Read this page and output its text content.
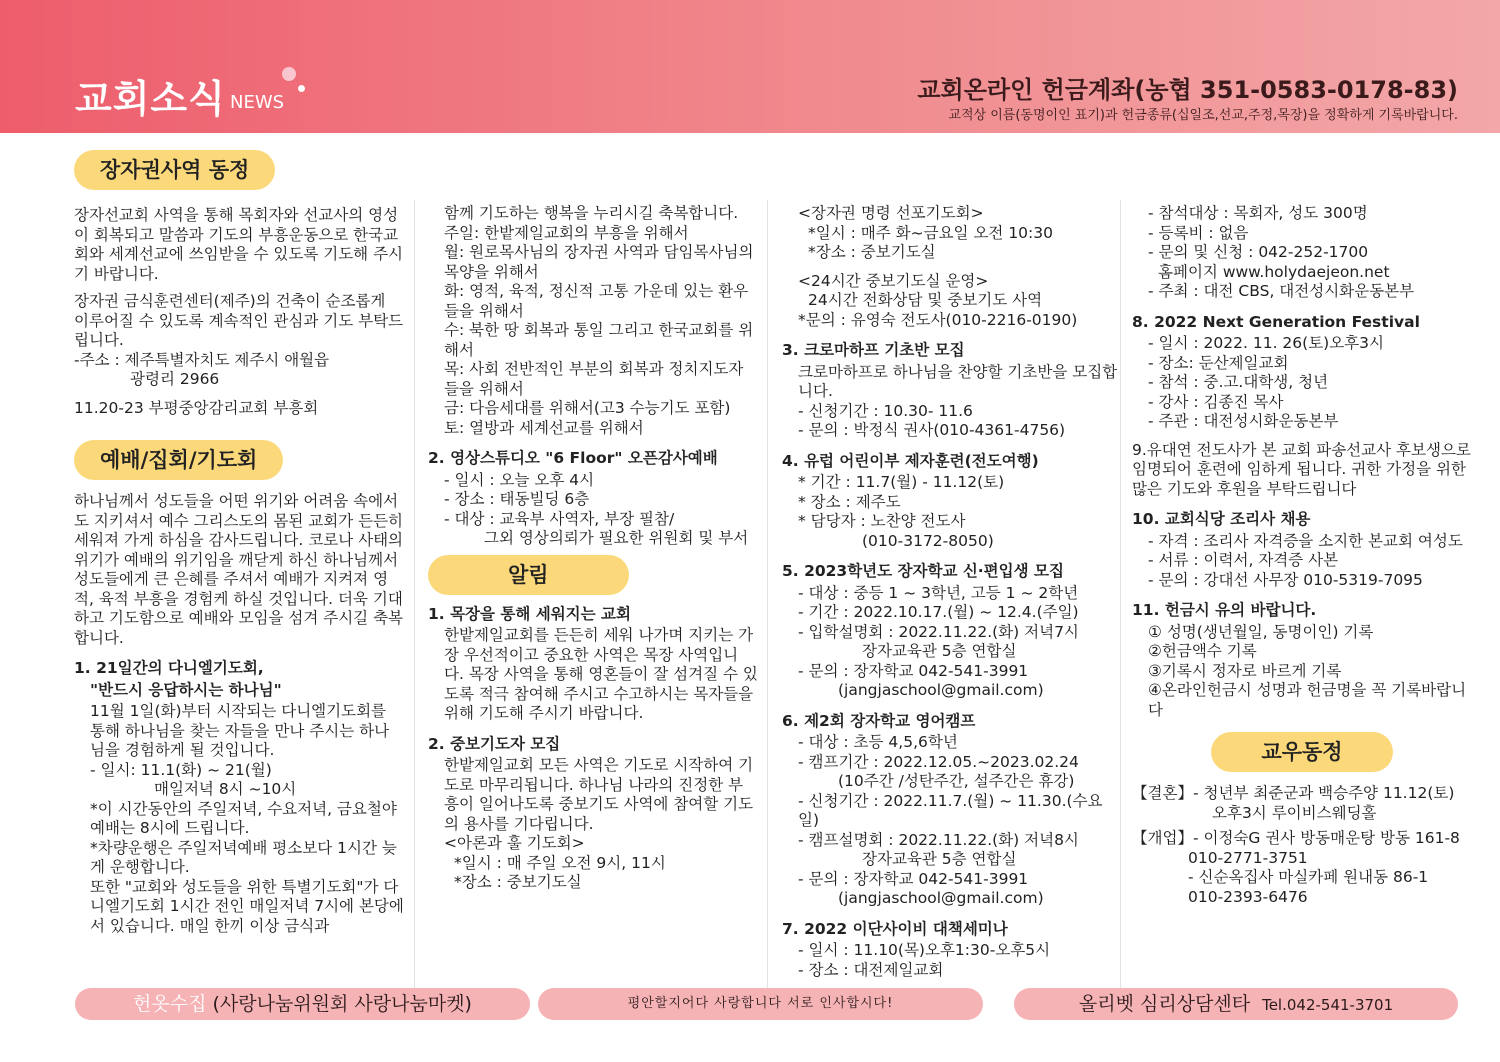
교회소식 NEWS	교회온라인 헌금계좌(농협 351-0583-0178-83)
교적상 이름(동명이인 표기)과 헌금종류(십일조,선교,주정,목장)을 정확하게 기록바랍니다.
장자권사역 동정

장자선교회 사역을 통해 목회자와 선교사의 영성이 회복되고 말씀과 기도의 부흥운동으로 한국교회와 세계선교에 쓰임받을 수 있도록 기도해 주시기 바랍니다.

장자권 금식훈련센터(제주)의 건축이 순조롭게 이루어질 수 있도록 계속적인 관심과 기도 부탁드립니다.

-주소 : 제주특별자치도 제주시 애월읍

광령리 2966

11.20-23 부평중앙감리교회 부흥회

예배/집회/기도회

하나님께서 성도들을 어떤 위기와 어려움 속에서도 지키셔서 예수 그리스도의 몸된 교회가 든든히 세워져 가게 하심을 감사드립니다. 코로나 사태의 위기가 예배의 위기임을 깨닫게 하신 하나님께서 성도들에게 큰 은혜를 주셔서 예배가 지켜져 영적, 육적 부흥을 경험케 하실 것입니다. 더욱 기대하고 기도함으로 예배와 모임을 섬겨 주시길 축복합니다.

1. 21일간의 다니엘기도회,

"반드시 응답하시는 하나님"

11월 1일(화)부터 시작되는 다니엘기도회를 통해 하나님을 찾는 자들을 만나 주시는 하나님을 경험하게 될 것입니다.

- 일시: 11.1(화) ~ 21(월)

매일저녁 8시 ~10시

*이 시간동안의 주일저녁, 수요저녁, 금요철야예배는 8시에 드립니다.

*차량운행은 주일저녁예배 평소보다 1시간 늦게 운행합니다.

또한 "교회와 성도들을 위한 특별기도회"가 다니엘기도회 1시간 전인 매일저녁 7시에 본당에서 있습니다. 매일 한끼 이상 금식과

함께 기도하는 행복을 누리시길 축복합니다.

주일: 한밭제일교회의 부흥을 위해서

월: 원로목사님의 장자권 사역과 담임목사님의 목양을 위해서

화: 영적, 육적, 정신적 고통 가운데 있는 환우들을 위해서

수: 북한 땅 회복과 통일 그리고 한국교회를 위해서

목: 사회 전반적인 부분의 회복과 정치지도자들을 위해서

금: 다음세대를 위해서(고3 수능기도 포함)

토: 열방과 세계선교를 위해서

2. 영상스튜디오 "6 Floor" 오픈감사예배

- 일시 : 오늘 오후 4시

- 장소 : 태동빌딩 6층

- 대상 : 교육부 사역자, 부장 필참/

그외 영상의뢰가 필요한 위원회 및 부서

알림

1. 목장을 통해 세워지는 교회

한밭제일교회를 든든히 세워 나가며 지키는 가장 우선적이고 중요한 사역은 목장 사역입니다. 목장 사역을 통해 영혼들이 잘 섬겨질 수 있도록 적극 참여해 주시고 수고하시는 목자들을 위해 기도해 주시기 바랍니다.

2. 중보기도자 모집

한밭제일교회 모든 사역은 기도로 시작하여 기도로 마무리됩니다. 하나님 나라의 진정한 부흥이 일어나도록 중보기도 사역에 참여할 기도의 용사를 기다립니다.

<아론과 훌 기도회>

*일시 : 매 주일 오전 9시, 11시

*장소 : 중보기도실

<장자권 명령 선포기도회>

*일시 : 매주 화~금요일 오전 10:30

*장소 : 중보기도실

<24시간 중보기도실 운영>

24시간 전화상담 및 중보기도 사역

*문의 : 유영숙 전도사(010-2216-0190)

3. 크로마하프 기초반 모집

크로마하프로 하나님을 찬양할 기초반을 모집합니다.

- 신청기간 : 10.30- 11.6

- 문의 : 박정식 권사(010-4361-4756)

4. 유럽 어린이부 제자훈련(전도여행)

* 기간 : 11.7(월) - 11.12(토)

* 장소 : 제주도

* 담당자 : 노찬양 전도사

(010-3172-8050)

5. 2023학년도 장자학교 신·편입생 모집

- 대상 : 중등 1 ~ 3학년, 고등 1 ~ 2학년

- 기간 : 2022.10.17.(월) ~ 12.4.(주일)

- 입학설명회 : 2022.11.22.(화) 저녁7시

장자교육관 5층 연합실

- 문의 : 장자학교 042-541-3991

(jangjaschool@gmail.com)

6. 제2회 장자학교 영어캠프

- 대상 : 초등 4,5,6학년

- 캠프기간 : 2022.12.05.~2023.02.24

(10주간 /성탄주간, 설주간은 휴강)

- 신청기간 : 2022.11.7.(월) ~ 11.30.(수요일)

- 캠프설명회 : 2022.11.22.(화) 저녁8시

장자교육관 5층 연합실

- 문의 : 장자학교 042-541-3991

(jangjaschool@gmail.com)

7. 2022 이단사이비 대책세미나

- 일시 : 11.10(목)오후1:30-오후5시

- 장소 : 대전제일교회

- 참석대상 : 목회자, 성도 300명

- 등록비 : 없음

- 문의 및 신청 : 042-252-1700

홈페이지 www.holydaejeon.net

- 주최 : 대전 CBS, 대전성시화운동본부

8. 2022 Next Generation Festival

- 일시 : 2022. 11. 26(토)오후3시

- 장소: 둔산제일교회

- 참석 : 중.고.대학생, 청년

- 강사 : 김종진 목사

- 주관 : 대전성시화운동본부

9.유대연 전도사가 본 교회 파송선교사 후보생으로 임명되어 훈련에 임하게 됩니다. 귀한 가정을 위한 많은 기도와 후원을 부탁드립니다

10. 교회식당 조리사 채용

- 자격 : 조리사 자격증을 소지한 본교회 여성도

- 서류 : 이력서, 자격증 사본

- 문의 : 강대선 사무장 010-5319-7095

11. 헌금시 유의 바랍니다.

① 성명(생년월일, 동명이인) 기록

②헌금액수 기록

③기록시 정자로 바르게 기록

④온라인헌금시 성명과 헌금명을 꼭 기록바랍니다

교우동정

【결혼】- 청년부 최준군과 백승주양 11.12(토)

오후3시 루이비스웨딩홀

【개업】- 이정숙G 권사 방동매운탕 방동 161-8

010-2771-3751

- 신순옥집사 마실카페 원내동 86-1

010-2393-6476

헌옷수집 (사랑나눔위원회 사랑나눔마켓)	평안할지어다 사랑합니다 서로 인사합시다!	올리벳 심리상담센타 Tel.042-541-3701
